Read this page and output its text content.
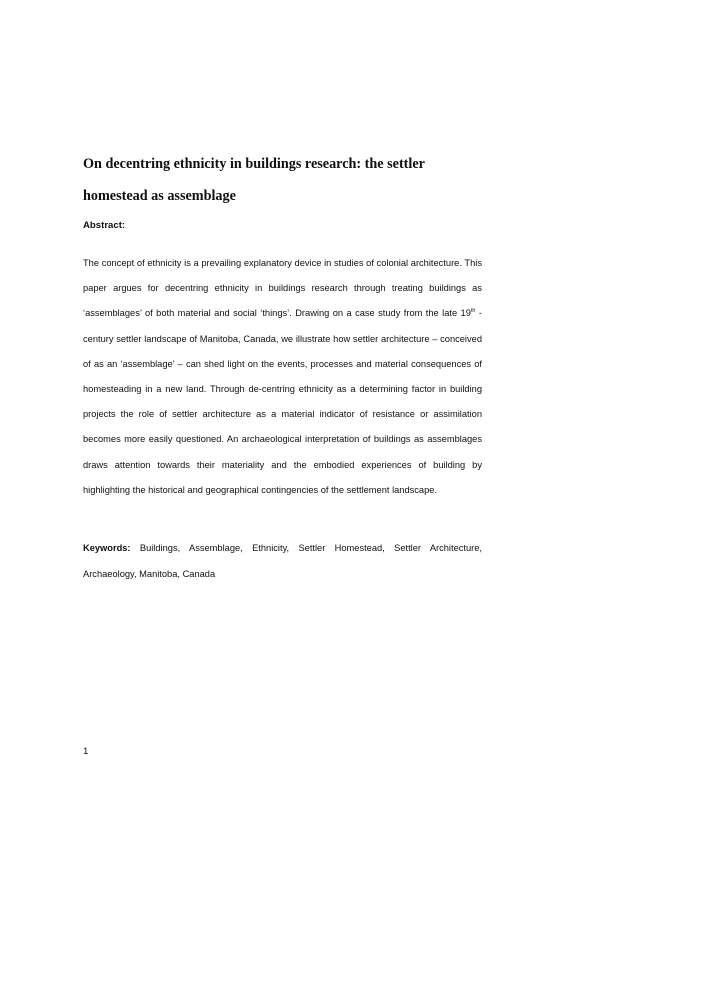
On decentring ethnicity in buildings research: the settler
homestead as assemblage

Abstract:

The concept of ethnicity is a prevailing explanatory device in studies of colonial architecture. This paper argues for decentring ethnicity in buildings research through treating buildings as ‘assemblages’ of both material and social ‘things’. Drawing on a case study from the late 19th -century settler landscape of Manitoba, Canada, we illustrate how settler architecture – conceived of as an ‘assemblage’ – can shed light on the events, processes and material consequences of homesteading in a new land. Through de-centring ethnicity as a determining factor in building projects the role of settler architecture as a material indicator of resistance or assimilation becomes more easily questioned. An archaeological interpretation of buildings as assemblages draws attention towards their materiality and the embodied experiences of building by highlighting the historical and geographical contingencies of the settlement landscape.

Keywords: Buildings, Assemblage, Ethnicity, Settler Homestead, Settler Architecture, Archaeology, Manitoba, Canada

1
